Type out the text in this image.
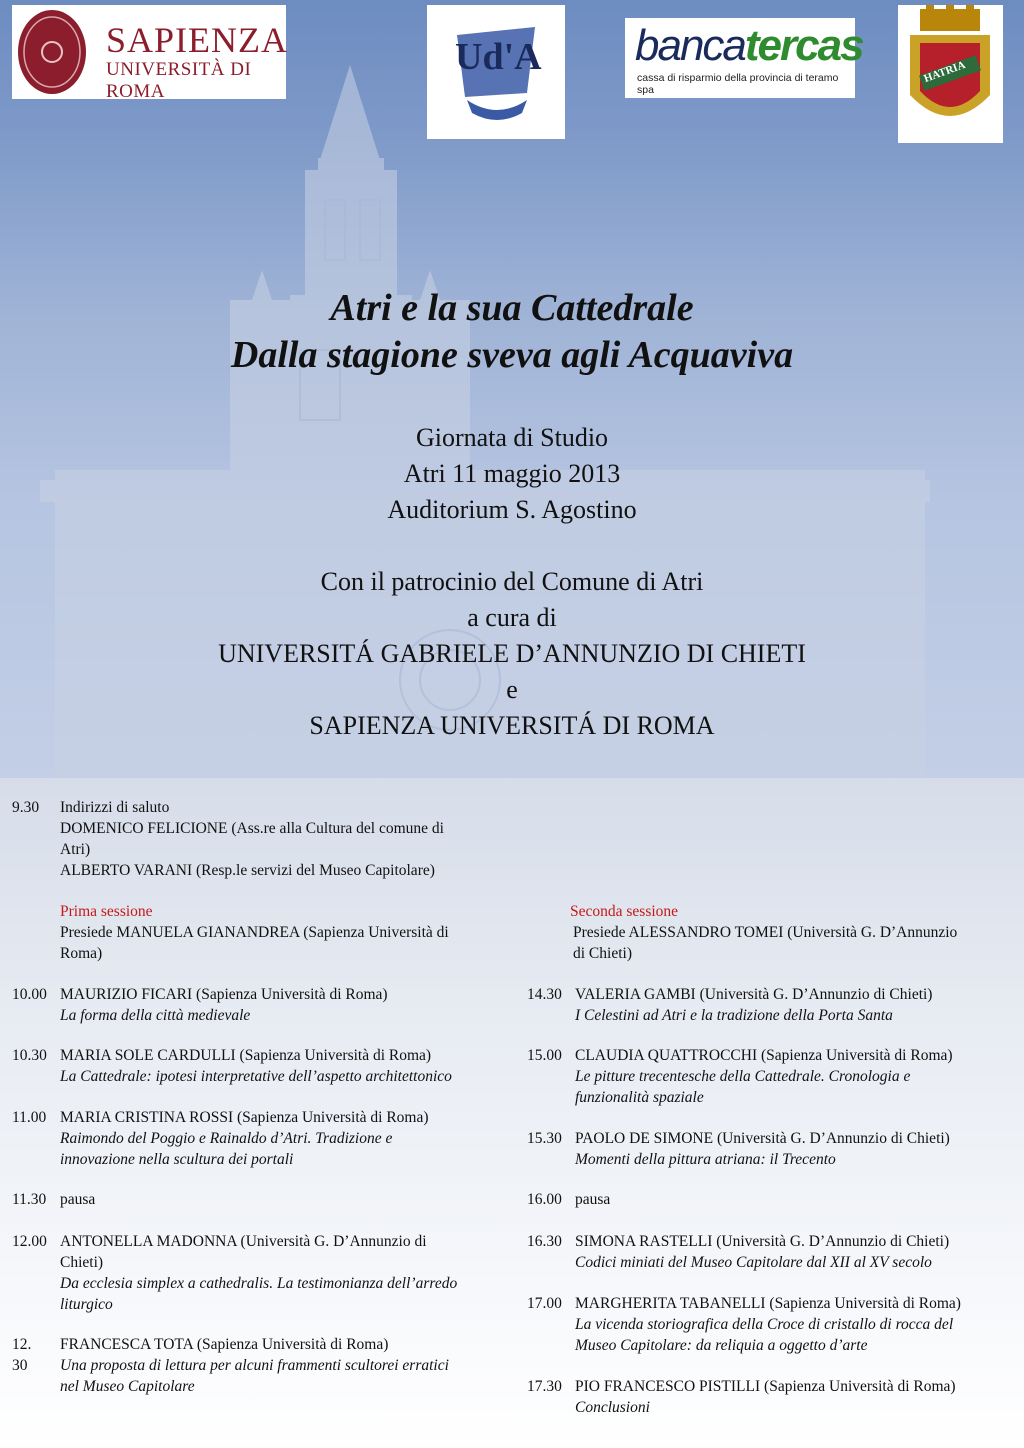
SAPIENZA
UNIVERSITÀ DI ROMA
Ud'A bancatercas
cassa di risparmio della provincia di teramo spa
Atri e la sua Cattedrale
Dalla stagione sveva agli Acquaviva
Giornata di Studio
Atri 11 maggio 2013
Auditorium S. Agostino
Con il patrocinio del Comune di Atri
a cura di
UNIVERSITÁ GABRIELE D’ANNUNZIO DI CHIETI
e
SAPIENZA UNIVERSITÁ DI ROMA
9.30 Indirizzi di saluto
DOMENICO FELICIONE (Ass.re alla Cultura del comune di
Atri)
ALBERTO VARANI (Resp.le servizi del Museo Capitolare)
Prima sessione
Presiede MANUELA GIANANDREA (Sapienza Università di
Roma)
10.00 MAURIZIO FICARI (Sapienza Università di Roma)
La forma della città medievale
10.30 MARIA SOLE CARDULLI (Sapienza Università di Roma)
La Cattedrale: ipotesi interpretative dell’aspetto architettonico
11.00 MARIA CRISTINA ROSSI (Sapienza Università di Roma)
Raimondo del Poggio e Rainaldo d’Atri. Tradizione e
innovazione nella scultura dei portali
11.30 pausa
12.00 ANTONELLA MADONNA (Università G. D’Annunzio di
Chieti)
Da ecclesia simplex a cathedralis. La testimonianza dell’arredo
liturgico
12. 30
FRANCESCA TOTA (Sapienza Università di Roma)
Una proposta di lettura per alcuni frammenti scultorei erratici
nel Museo Capitolare
Seconda sessione
Presiede ALESSANDRO TOMEI (Università G. D’Annunzio
di Chieti)
14.30 VALERIA GAMBI (Università G. D’Annunzio di Chieti)
I Celestini ad Atri e la tradizione della Porta Santa
15.00 CLAUDIA QUATTROCCHI (Sapienza Università di Roma)
Le pitture trecentesche della Cattedrale. Cronologia e
funzionalità spaziale
15.30 PAOLO DE SIMONE (Università G. D’Annunzio di Chieti)
Momenti della pittura atriana: il Trecento
16.00 pausa
16.30 SIMONA RASTELLI (Università G. D’Annunzio di Chieti)
Codici miniati del Museo Capitolare dal XII al XV secolo
17.00 MARGHERITA TABANELLI (Sapienza Università di Roma)
La vicenda storiografica della Croce di cristallo di rocca del
Museo Capitolare: da reliquia a oggetto d’arte
17.30 PIO FRANCESCO PISTILLI (Sapienza Università di Roma)
Conclusioni
HATRIA
